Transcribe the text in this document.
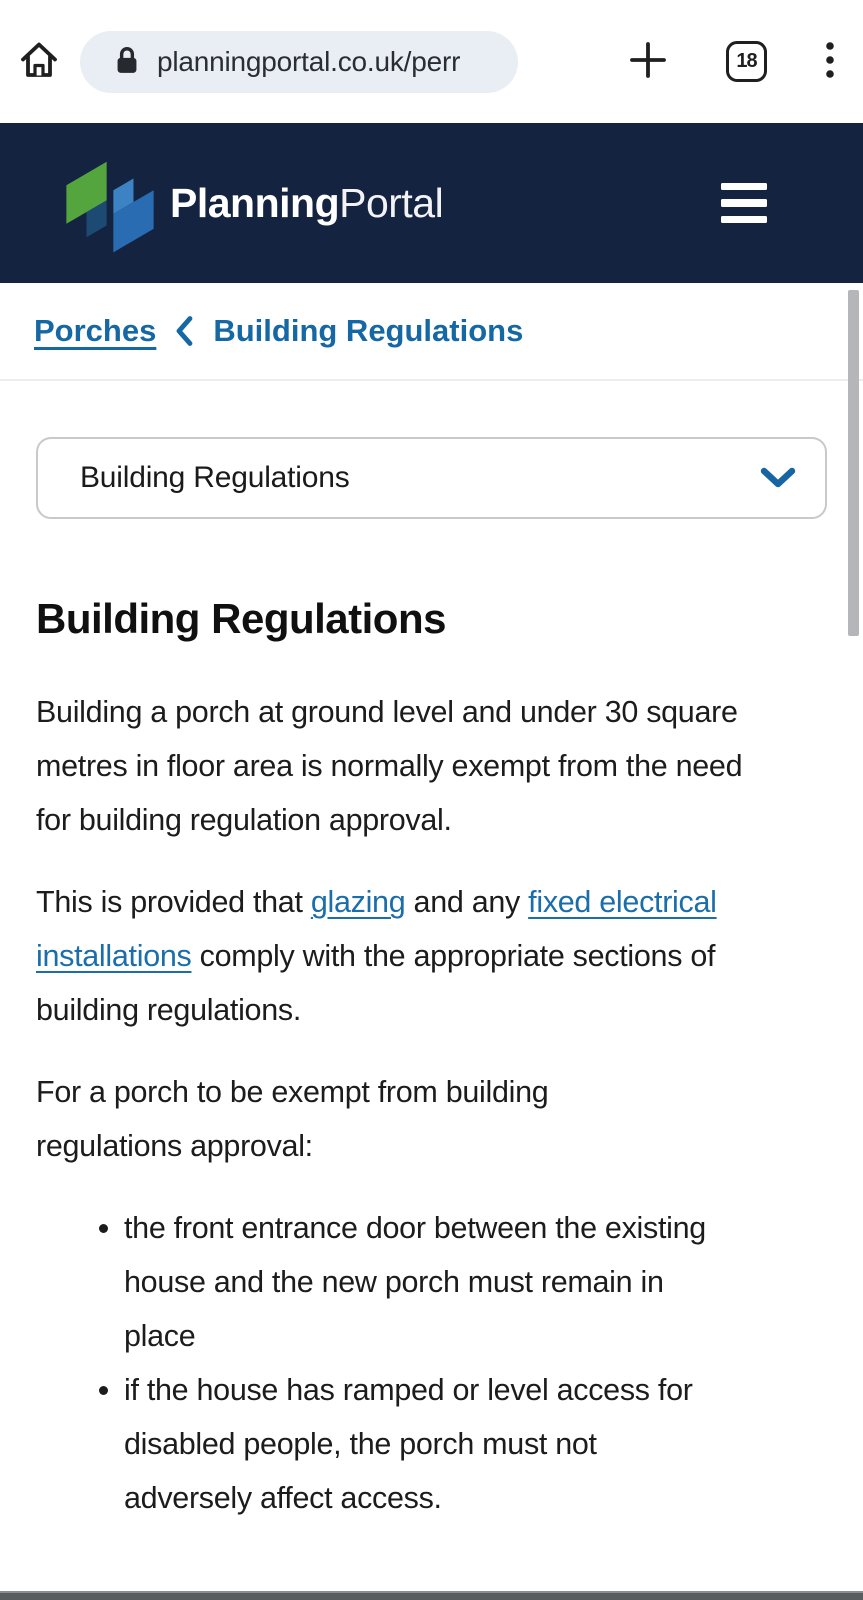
planningportal.co.uk/perr	18
PlanningPortal
Porches Building Regulations
Building Regulations
Building Regulations

Building a porch at ground level and under 30 square metres in floor area is normally exempt from the need for building regulation approval.

This is provided that glazing and any fixed electrical installations comply with the appropriate sections of building regulations.

For a porch to be exempt from building regulations approval:

• the front entrance door between the existing house and the new porch must remain in place
• if the house has ramped or level access for disabled people, the porch must not adversely affect access.
